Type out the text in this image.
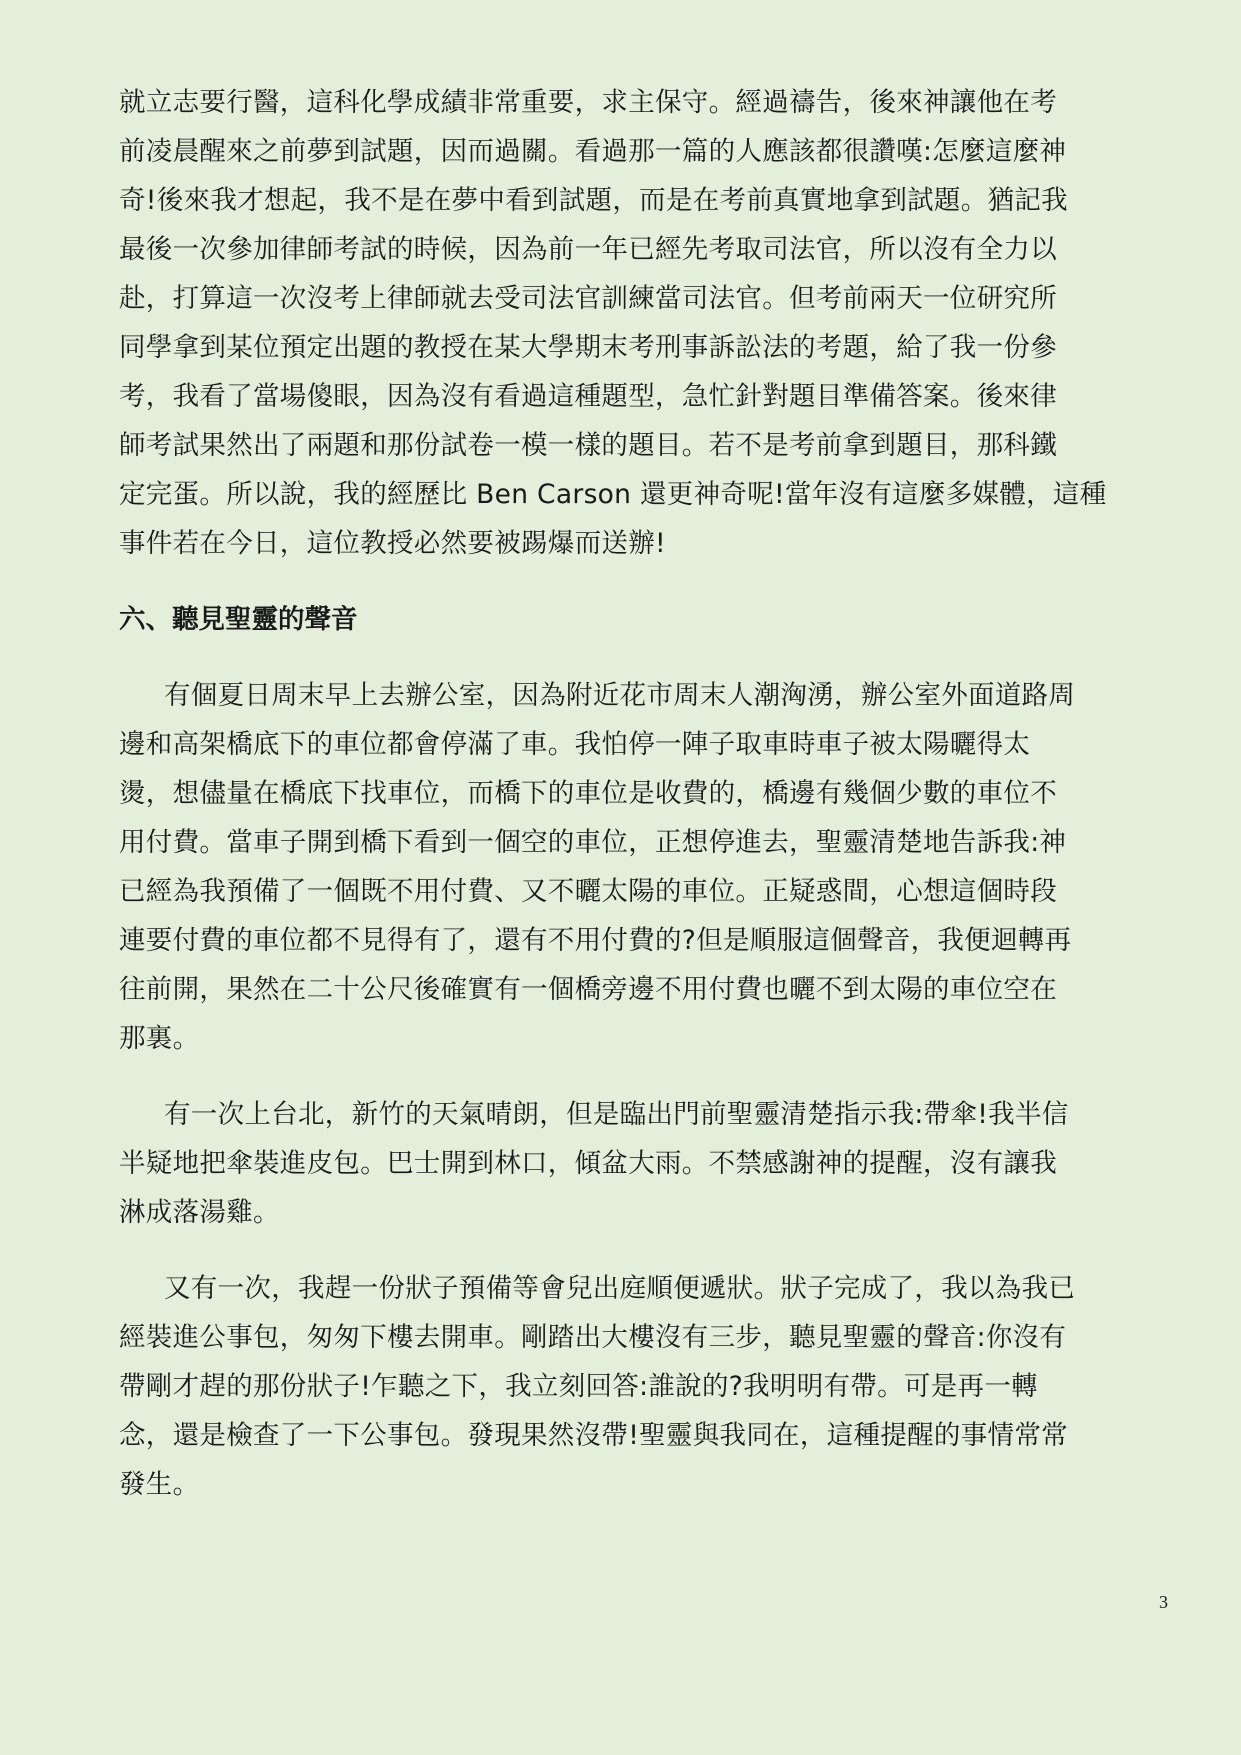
就立志要行醫，這科化學成績非常重要，求主保守。經過禱告，後來神讓他在考
前凌晨醒來之前夢到試題，因而過關。看過那一篇的人應該都很讚嘆:怎麼這麼神
奇!後來我才想起，我不是在夢中看到試題，而是在考前真實地拿到試題。猶記我
最後一次參加律師考試的時候，因為前一年已經先考取司法官，所以沒有全力以
赴，打算這一次沒考上律師就去受司法官訓練當司法官。但考前兩天一位研究所
同學拿到某位預定出題的教授在某大學期末考刑事訴訟法的考題，給了我一份參
考，我看了當場傻眼，因為沒有看過這種題型，急忙針對題目準備答案。後來律
師考試果然出了兩題和那份試卷一模一樣的題目。若不是考前拿到題目，那科鐵
定完蛋。所以說，我的經歷比 Ben Carson 還更神奇呢!當年沒有這麼多媒體，這種
事件若在今日，這位教授必然要被踢爆而送辦!
六、聽見聖靈的聲音
有個夏日周末早上去辦公室，因為附近花市周末人潮洶湧，辦公室外面道路周
邊和高架橋底下的車位都會停滿了車。我怕停一陣子取車時車子被太陽曬得太
燙，想儘量在橋底下找車位，而橋下的車位是收費的，橋邊有幾個少數的車位不
用付費。當車子開到橋下看到一個空的車位，正想停進去，聖靈清楚地告訴我:神
已經為我預備了一個既不用付費、又不曬太陽的車位。正疑惑間，心想這個時段
連要付費的車位都不見得有了，還有不用付費的?但是順服這個聲音，我便迴轉再
往前開，果然在二十公尺後確實有一個橋旁邊不用付費也曬不到太陽的車位空在
那裏。
有一次上台北，新竹的天氣晴朗，但是臨出門前聖靈清楚指示我:帶傘!我半信
半疑地把傘裝進皮包。巴士開到林口，傾盆大雨。不禁感謝神的提醒，沒有讓我
淋成落湯雞。
又有一次，我趕一份狀子預備等會兒出庭順便遞狀。狀子完成了，我以為我已
經裝進公事包，匆匆下樓去開車。剛踏出大樓沒有三步，聽見聖靈的聲音:你沒有
帶剛才趕的那份狀子!乍聽之下，我立刻回答:誰說的?我明明有帶。可是再一轉
念，還是檢查了一下公事包。發現果然沒帶!聖靈與我同在，這種提醒的事情常常
發生。
3
